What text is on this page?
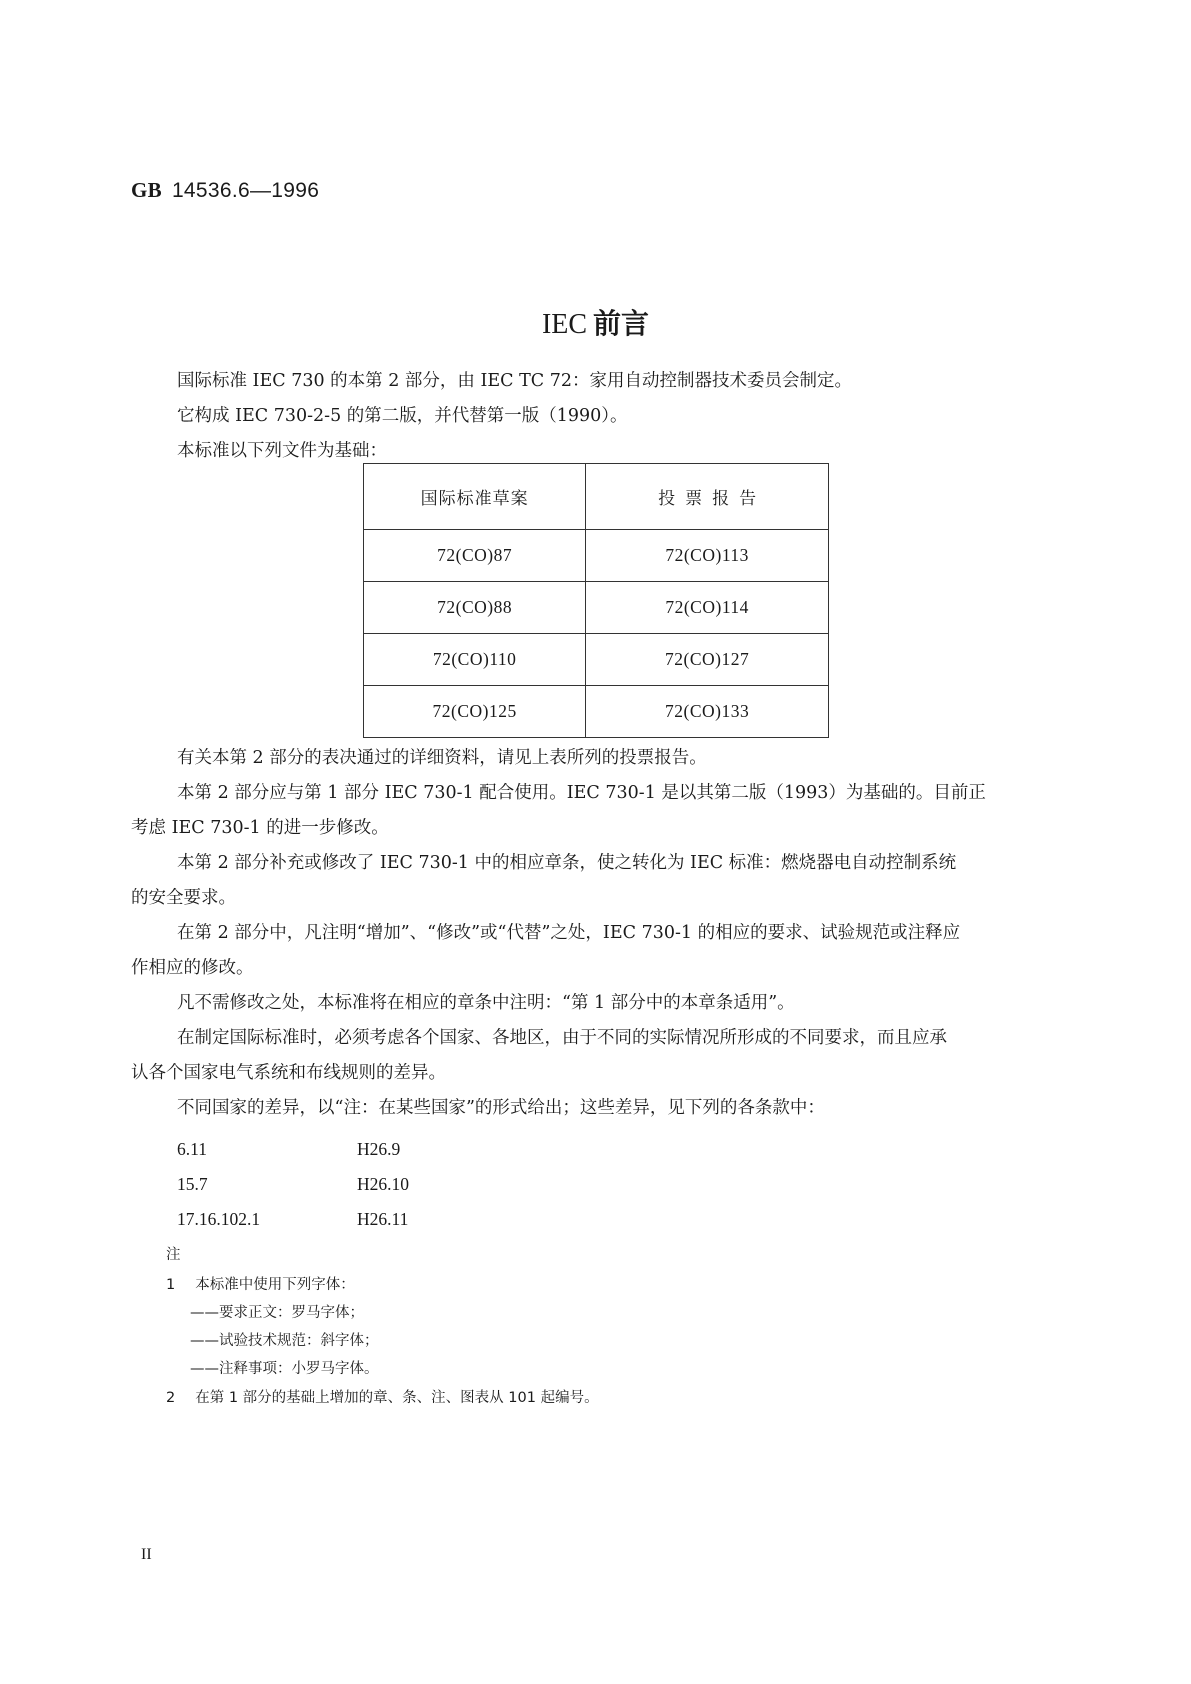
GB 14536.6—1996
IEC 前言
国际标准 IEC 730 的本第 2 部分，由 IEC TC 72：家用自动控制器技术委员会制定。
它构成 IEC 730-2-5 的第二版，并代替第一版（1990）。
本标准以下列文件为基础：
国际标准草案	投票报告
72(CO)87	72(CO)113
72(CO)88	72(CO)114
72(CO)110	72(CO)127
72(CO)125	72(CO)133
有关本第 2 部分的表决通过的详细资料，请见上表所列的投票报告。
本第 2 部分应与第 1 部分 IEC 730-1 配合使用。IEC 730-1 是以其第二版（1993）为基础的。目前正
考虑 IEC 730-1 的进一步修改。
本第 2 部分补充或修改了 IEC 730-1 中的相应章条，使之转化为 IEC 标准：燃烧器电自动控制系统
的安全要求。
在第 2 部分中，凡注明“增加”、“修改”或“代替”之处，IEC 730-1 的相应的要求、试验规范或注释应
作相应的修改。
凡不需修改之处，本标准将在相应的章条中注明：“第 1 部分中的本章条适用”。
在制定国际标准时，必须考虑各个国家、各地区，由于不同的实际情况所形成的不同要求，而且应承
认各个国家电气系统和布线规则的差异。
不同国家的差异，以“注：在某些国家”的形式给出；这些差异，见下列的各条款中：
6.11	H26.9
15.7	H26.10
17.16.102.1	H26.11
注
1 本标准中使用下列字体：
——要求正文：罗马字体；
——试验技术规范：斜字体；
——注释事项：小罗马字体。
2 在第 1 部分的基础上增加的章、条、注、图表从 101 起编号。
II
